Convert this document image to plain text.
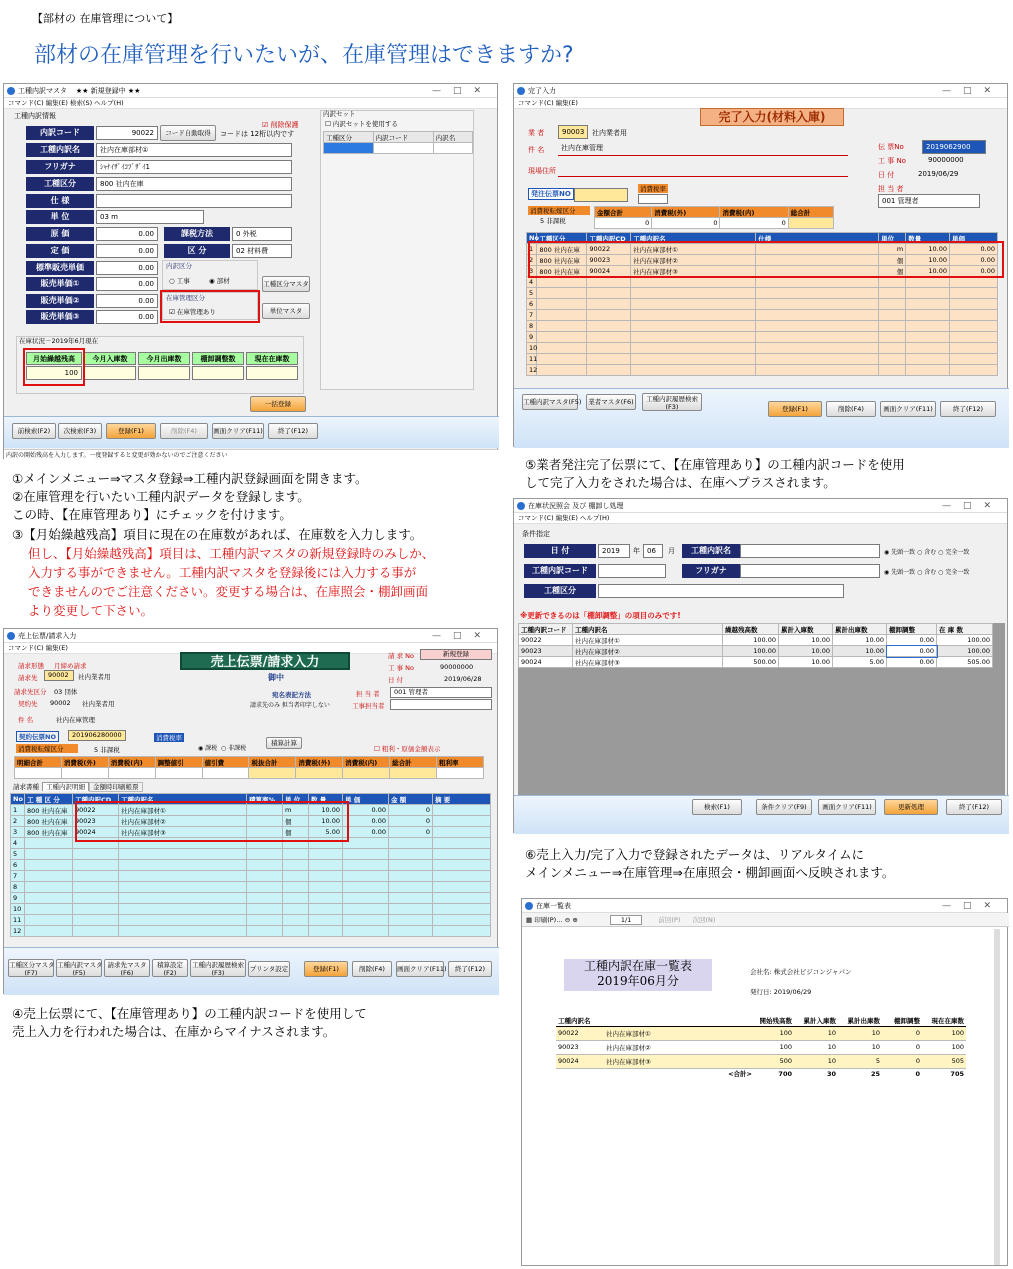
【部材の 在庫管理について】
部材の在庫管理を行いたいが、在庫管理はできますか?
工種内訳マスタ ★★ 新規登録中 ★★	—□✕
コマンド(C) 編集(E) 検索(S) ヘルプ(H)
工種内訳情報
☑ 削除保護
内訳コード	90022	コード自動取得	コードは 12桁以内です
工種内訳名	社内在庫部材①
フリガナ	ｼｬﾅｲｻﾞｲｺﾌﾞｻﾞｲ1
工種区分	800 社内在庫
仕 様
単 位	03 m
原 価	0.00
定 価	0.00
標準販売単価	0.00
販売単価①	0.00
販売単価②	0.00
販売単価③	0.00
課税方法	0 外税
区 分	02 材料費
内訳区分
○ 工事	◉ 部材	工種区分マスタ
在庫管理区分
☑ 在庫管理あり	単位マスタ
内訳セット
☐ 内訳セットを使用する
工種区分	内訳コード	内訳名

在庫状況－2019年6月現在
月始繰越残高	今月入庫数	今月出庫数	棚卸調整数	現在在庫数
100
一括登録
前検索(F2)	次検索(F3)	登録(F1)	削除(F4)	画面クリア(F11)	終了(F12)
内訳の開始残高を入力します。一度登録すると変更が効かないのでご注意ください
①メインメニュー⇒マスタ登録⇒工種内訳登録画面を開きます。
②在庫管理を行いたい工種内訳データを登録します。
この時、【在庫管理あり】にチェックを付けます。
③【月始繰越残高】項目に現在の在庫数があれば、在庫数を入力します。
但し、【月始繰越残高】項目は、工種内訳マスタの新規登録時のみしか、
入力する事ができません。工種内訳マスタを登録後には入力する事が
できませんのでご注意ください。変更する場合は、在庫照会・棚卸画面
より変更して下さい。
完了入力	—□✕
コマンド(C) 編集(E)
完了入力(材料入庫)
業 者	90003	社内業者用
件 名	社内在庫管理
現場住所
伝 票No	2019062900
工 事 No	90000000
日 付	2019/06/29
担 当 者
001 管理者
発注伝票NO
消費税率
消費税転嫁区分
5 非課税
金額合計	消費税(外)	消費税(内)	総合計
0	0	0	
No	工種区分	工種内訳CD	工種内訳名	仕様	単位	数量	単価
1	800 社内在庫	90022	社内在庫部材①		m	10.00	0.00
2	800 社内在庫	90023	社内在庫部材②		個	10.00	0.00
3	800 社内在庫	90024	社内在庫部材③		個	10.00	0.00
4							
5							
6							
7							
8							
9							
10							
11							
12							
工種内訳マスタ(F5)	業者マスタ(F6)	工種内訳履歴検索
(F3)	登録(F1)	削除(F4)	画面クリア(F11)	終了(F12)
⑤業者発注完了伝票にて、【在庫管理あり】の工種内訳コードを使用
して完了入力をされた場合は、在庫へプラスされます。
在庫状況照会 及び 棚卸し処理	—□✕
コマンド(C) 編集(E) ヘルプ(H)
条件指定
日 付	2019	年	06	月	工種内訳名	◉ 先頭一致 ○ 含む ○ 完全一致
工種内訳コード	フリガナ	◉ 先頭一致 ○ 含む ○ 完全一致
工種区分
※更新できるのは「棚卸調整」の項目のみです!
工種内訳コード	工種内訳名	繰越残高数	累計入庫数	累計出庫数	棚卸調整	在 庫 数
90022	社内在庫部材①	100.00	10.00	10.00	0.00	100.00
90023	社内在庫部材②	100.00	10.00	10.00	0.00	100.00
90024	社内在庫部材③	500.00	10.00	5.00	0.00	505.00
検索(F1)	条件クリア(F9)	画面クリア(F11)	更新処理	終了(F12)
⑥売上入力/完了入力で登録されたデータは、リアルタイムに
メインメニュー⇒在庫管理⇒在庫照会・棚卸画面へ反映されます。
売上伝票/請求入力	—□✕
コマンド(C) 編集(E)
売上伝票/請求入力
御中
請求形態 月締め請求
請求先	90002	社内業者用
請求先区分 03 団体
契約先 90002 社内業者用
宛名表記方法
請求先のみ 担当者印字しない
請 求 No	新規登録
工 事 No	90000000
日 付	2019/06/28
担 当 者	001 管理者
工事担当者
件 名	社内在庫管理
契約伝票NO	201906280000
消費税転嫁区分	5 非課税
消費税率
◉ 課税  ○ 非課税
積算計算
☐ 粗利・原価金額表示
明細合計	消費税(外)	消費税(内)	調整値引	値引費	税抜合計	消費税(外)	消費税(内)	総合計	粗利率

請求書種 工種内訳明細 金額時印刷帳票
No	工 種 区 分	工種内訳CD	工種内訳名	積算率%	単 位	数 量	単 価	金 額	摘 要
1	800 社内在庫	90022	社内在庫部材①		m	10.00	0.00	0	
2	800 社内在庫	90023	社内在庫部材②		個	10.00	0.00	0	
3	800 社内在庫	90024	社内在庫部材③		個	5.00	0.00	0	
4									
5									
6									
7									
8									
9									
10									
11									
12									
工種区分マスタ
(F7)
工種内訳マスタ
(F5)
請求先マスタ
(F6)
積算設定
(F2)
工種内訳履歴検索
(F3)	プリンタ設定	登録(F1)	削除(F4)	画面クリア(F11)	終了(F12)
④売上伝票にて、【在庫管理あり】の工種内訳コードを使用して
売上入力を行われた場合は、在庫からマイナスされます。
在庫一覧表	—□✕
▦ 印刷(P)… ⊖ ⊕	1/1	前回(P) 次回(N)
工種内訳在庫一覧表
2019年06月分
会社名: 株式会社ビジコンジャパン
発行日: 2019/06/29
工種内訳名		開始残高数	累計入庫数	累計出庫数	棚卸調整	現在在庫数
90022	社内在庫部材①	100	10	10	0	100
90023	社内在庫部材②	100	10	10	0	100
90024	社内在庫部材③	500	10	5	0	505
	<合計>	700	30	25	0	705
